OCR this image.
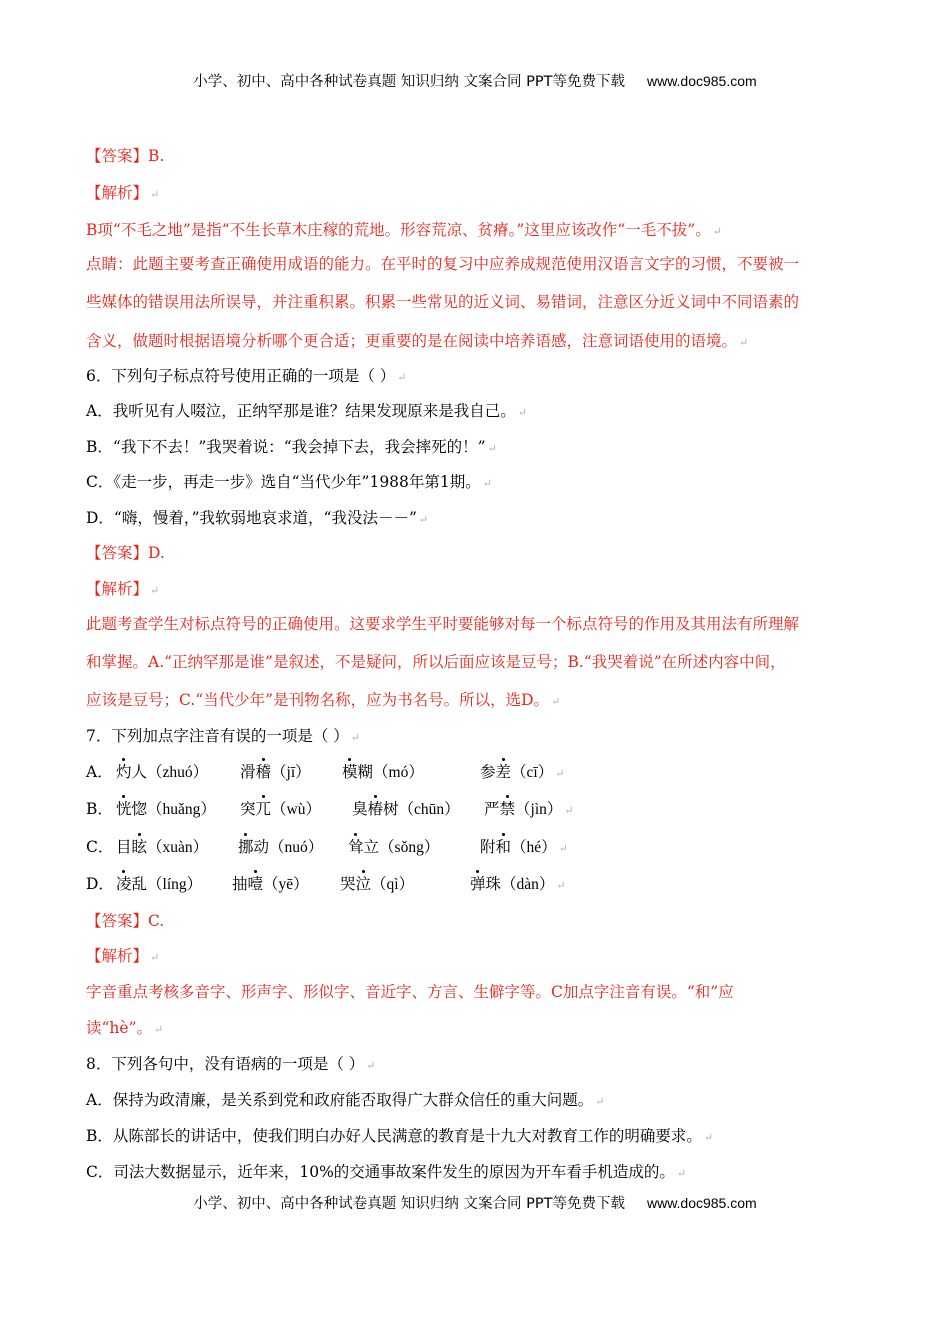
小学、初中、高中各种试卷真题 知识归纳 文案合同 PPT等免费下载 www.doc985.com
【答案】B.
【解析】 ↵
B项“不毛之地”是指“不生长草木庄稼的荒地。形容荒凉、贫瘠。”这里应该改作“一毛不拔”。 ↵
点睛：此题主要考查正确使用成语的能力。在平时的复习中应养成规范使用汉语言文字的习惯，不要被一
些媒体的错误用法所误导，并注重积累。积累一些常见的近义词、易错词，注意区分近义词中不同语素的
含义，做题时根据语境分析哪个更合适；更重要的是在阅读中培养语感，注意词语使用的语境。 ↵
6．下列句子标点符号使用正确的一项是（ ） ↵
A．我听见有人啜泣，正纳罕那是谁？结果发现原来是我自己。 ↵
B．“我下不去！”我哭着说：“我会掉下去，我会摔死的！” ↵
C．《走一步，再走一步》选自“当代少年”1988年第1期。 ↵
D．“嗨，慢着，”我软弱地哀求道，“我没法－－” ↵
【答案】D.
【解析】 ↵
此题考查学生对标点符号的正确使用。这要求学生平时要能够对每一个标点符号的作用及其用法有所理解
和掌握。A.“正纳罕那是谁”是叙述，不是疑问，所以后面应该是豆号；B.“我哭着说”在所述内容中间，
应该是豆号；C.“当代少年”是刊物名称，应为书名号。所以，选D。 ↵
7．下列加点字注音有误的一项是（ ） ↵
A． 灼人（zhuó） 滑稽（jī） 模糊（mó）	参差（cī） ↵
B． 恍惚（huǎng） 突兀（wù） 臭椿树（chūn） 严禁（jìn） ↵
C． 目眩（xuàn） 挪动（nuó） 耸立（sǒng）	附和（hé） ↵
D． 凌乱（líng） 抽噎（yē） 哭泣（qì）	弹珠（dàn） ↵
【答案】C.
【解析】 ↵
字音重点考核多音字、形声字、形似字、音近字、方言、生僻字等。C加点字注音有误。“和”应
读“hè”。 ↵
8．下列各句中，没有语病的一项是（ ） ↵
A．保持为政清廉，是关系到党和政府能否取得广大群众信任的重大问题。 ↵
B．从陈部长的讲话中，使我们明白办好人民满意的教育是十九大对教育工作的明确要求。 ↵
C．司法大数据显示，近年来，10%的交通事故案件发生的原因为开车看手机造成的。 ↵
小学、初中、高中各种试卷真题 知识归纳 文案合同 PPT等免费下载 www.doc985.com
